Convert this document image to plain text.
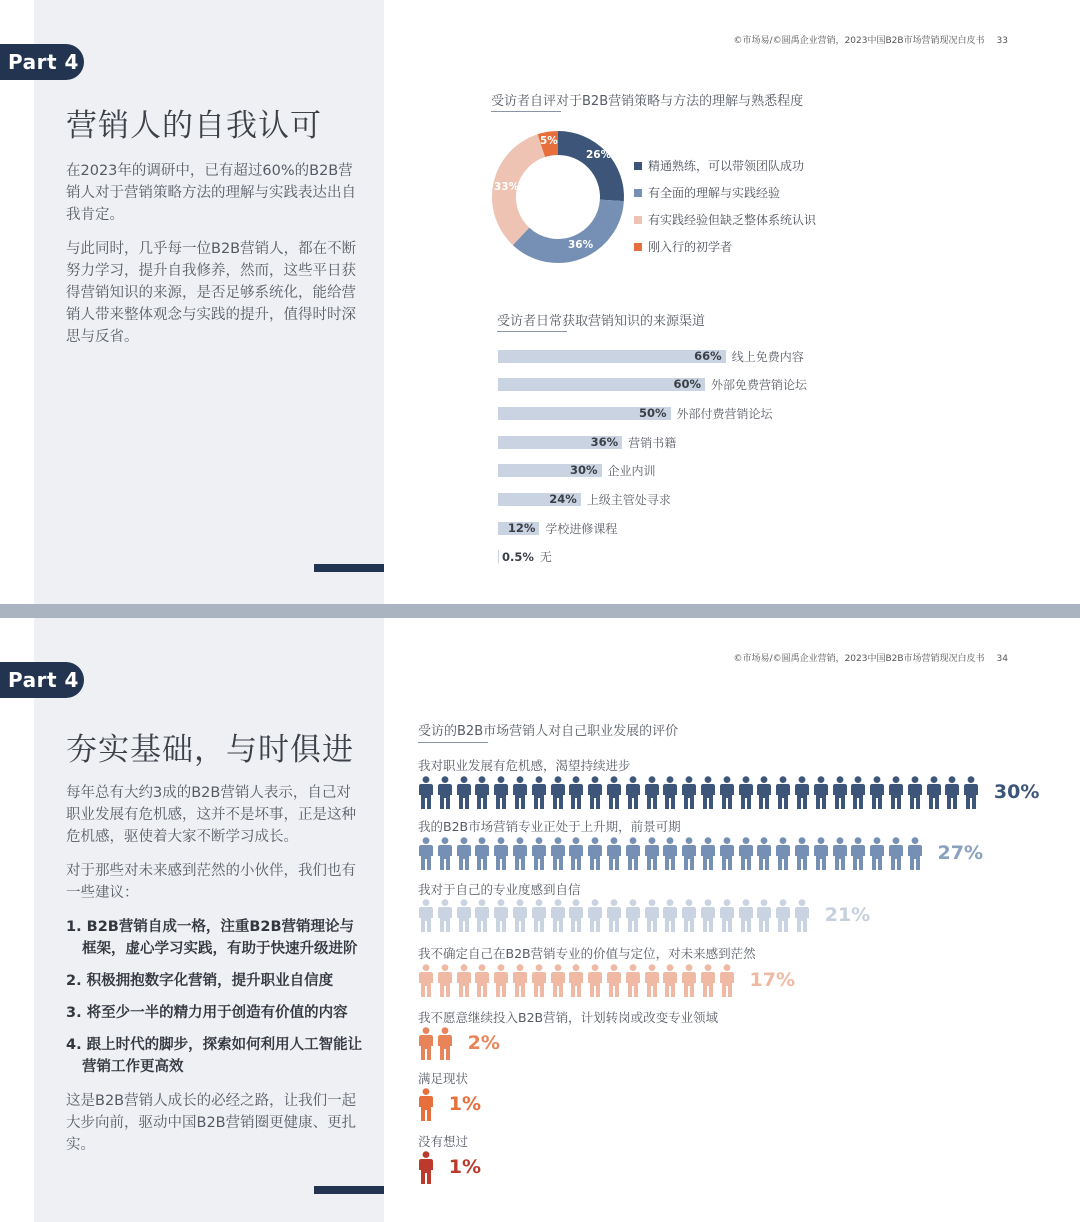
Part 4
营销人的自我认可

在2023年的调研中，已有超过60%的B2B营销人对于营销策略方法的理解与实践表达出自我肯定。

与此同时，几乎每一位B2B营销人，都在不断努力学习，提升自我修养，然而，这些平日获得营销知识的来源，是否足够系统化，能给营销人带来整体观念与实践的提升，值得时时深思与反省。

©市场易/©圆禹企业营销，2023中国B2B市场营销现况白皮书 33
受访者自评对于B2B营销策略与方法的理解与熟悉程度
26%
36%
33%
5%
精通熟练，可以带领团队成功
有全面的理解与实践经验
有实践经验但缺乏整体系统认识
刚入行的初学者
受访者日常获取营销知识的来源渠道
66% 线上免费内容
60% 外部免费营销论坛
50% 外部付费营销论坛
36% 营销书籍
30% 企业内训
24% 上级主管处寻求
12% 学校进修课程
0.5% 无
Part 4
夯实基础，与时俱进

每年总有大约3成的B2B营销人表示，自己对职业发展有危机感，这并不是坏事，正是这种危机感，驱使着大家不断学习成长。

对于那些对未来感到茫然的小伙伴，我们也有一些建议：

1. B2B营销自成一格，注重B2B营销理论与框架，虚心学习实践，有助于快速升级进阶
2. 积极拥抱数字化营销，提升职业自信度
3. 将至少一半的精力用于创造有价值的内容
4. 跟上时代的脚步，探索如何利用人工智能让营销工作更高效

这是B2B营销人成长的必经之路，让我们一起大步向前，驱动中国B2B营销圈更健康、更扎实。

©市场易/©圆禹企业营销，2023中国B2B市场营销现况白皮书 34
受访的B2B市场营销人对自己职业发展的评价
我对职业发展有危机感，渴望持续进步
30%
我的B2B市场营销专业正处于上升期，前景可期
27%
我对于自己的专业度感到自信
21%
我不确定自己在B2B营销专业的价值与定位，对未来感到茫然
17%
我不愿意继续投入B2B营销，计划转岗或改变专业领域
2%
满足现状
1%
没有想过
1%
